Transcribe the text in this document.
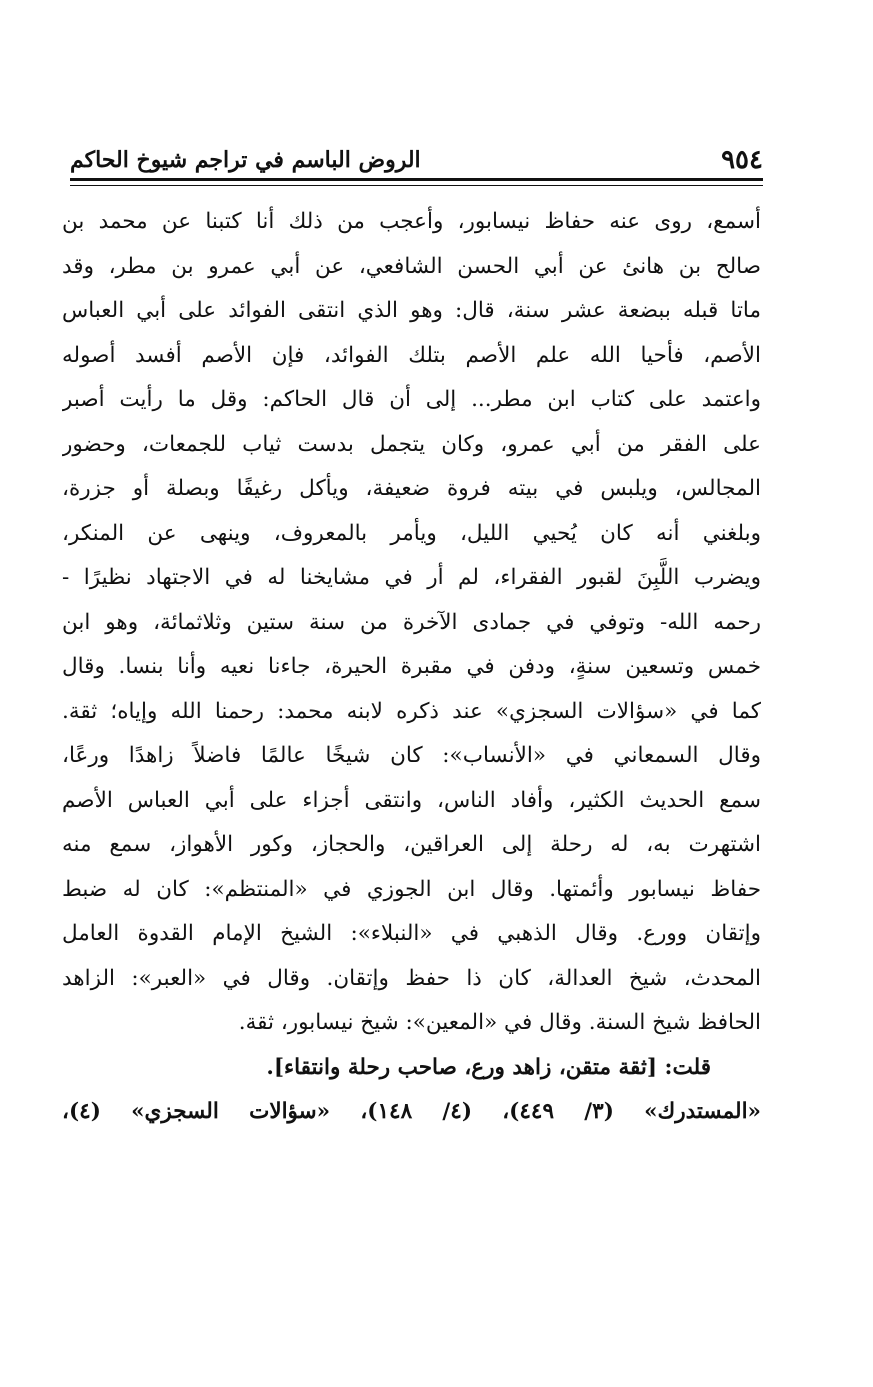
٩٥٤
الروض الباسم في تراجم شيوخ الحاكم
أسمع، روى عنه حفاظ نيسابور، وأعجب من ذلك أنا كتبنا عن محمد بن
صالح بن هانئ عن أبي الحسن الشافعي، عن أبي عمرو بن مطر، وقد
ماتا قبله ببضعة عشر سنة، قال: وهو الذي انتقى الفوائد على أبي العباس
الأصم، فأحيا الله علم الأصم بتلك الفوائد، فإن الأصم أفسد أصوله
واعتمد على كتاب ابن مطر... إلى أن قال الحاكم: وقل ما رأيت أصبر
على الفقر من أبي عمرو، وكان يتجمل بدست ثياب للجمعات، وحضور
المجالس، ويلبس في بيته فروة ضعيفة، ويأكل رغيفًا وبصلة أو جزرة،
وبلغني أنه كان يُحيي الليل، ويأمر بالمعروف، وينهى عن المنكر،
ويضرب اللَّبِنَ لقبور الفقراء، لم أر في مشايخنا له في الاجتهاد نظيرًا -
رحمه الله- وتوفي في جمادى الآخرة من سنة ستين وثلاثمائة، وهو ابن
خمس وتسعين سنةٍ، ودفن في مقبرة الحيرة، جاءنا نعيه وأنا بنسا. وقال
كما في «سؤالات السجزي» عند ذكره لابنه محمد: رحمنا الله وإياه؛ ثقة.
وقال السمعاني في «الأنساب»: كان شيخًا عالمًا فاضلاً زاهدًا ورعًا،
سمع الحديث الكثير، وأفاد الناس، وانتقى أجزاء على أبي العباس الأصم
اشتهرت به، له رحلة إلى العراقين، والحجاز، وكور الأهواز، سمع منه
حفاظ نيسابور وأئمتها. وقال ابن الجوزي في «المنتظم»: كان له ضبط
وإتقان وورع. وقال الذهبي في «النبلاء»: الشيخ الإمام القدوة العامل
المحدث، شيخ العدالة، كان ذا حفظ وإتقان. وقال في «العبر»: الزاهد
الحافظ شيخ السنة. وقال في «المعين»: شيخ نيسابور، ثقة.
قلت: [ثقة متقن، زاهد ورع، صاحب رحلة وانتقاء].
«المستدرك» (٣/ ٤٤٩)، (٤/ ١٤٨)، «سؤالات السجزي» (٤)،
